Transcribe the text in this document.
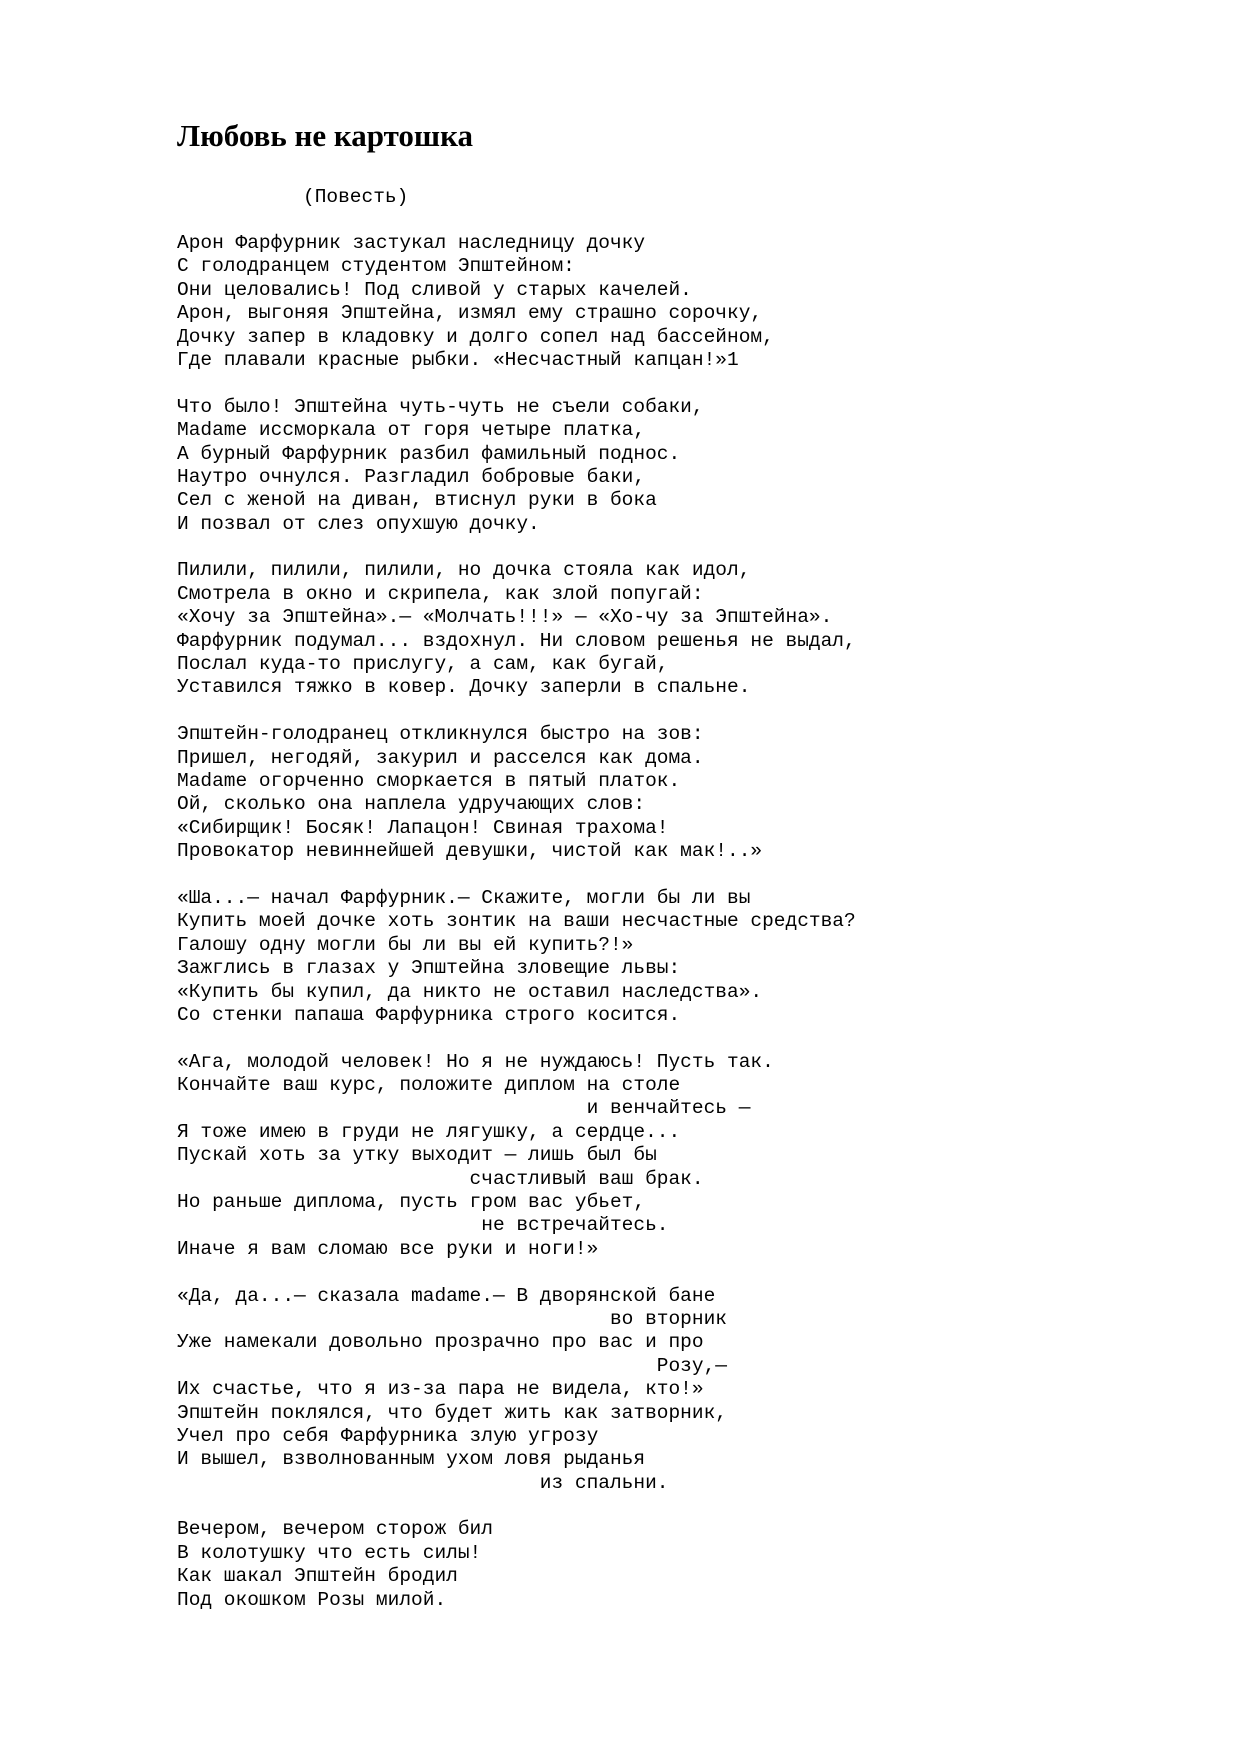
Любовь не картошка
(Повесть)
Арон Фарфурник застукал наследницу дочку
С голодранцем студентом Эпштейном:
Они целовались! Под сливой у старых качелей.
Арон, выгоняя Эпштейна, измял ему страшно сорочку,
Дочку запер в кладовку и долго сопел над бассейном,
Где плавали красные рыбки. «Несчастный капцан!»1
Что было! Эпштейна чуть-чуть не съели собаки,
Madame иссморкала от горя четыре платка,
А бурный Фарфурник разбил фамильный поднос.
Наутро очнулся. Разгладил бобровые баки,
Сел с женой на диван, втиснул руки в бока
И позвал от слез опухшую дочку.
Пилили, пилили, пилили, но дочка стояла как идол,
Смотрела в окно и скрипела, как злой попугай:
«Хочу за Эпштейна».— «Молчать!!!» — «Хо-чу за Эпштейна».
Фарфурник подумал... вздохнул. Ни словом решенья не выдал,
Послал куда-то прислугу, а сам, как бугай,
Уставился тяжко в ковер. Дочку заперли в спальне.
Эпштейн-голодранец откликнулся быстро на зов:
Пришел, негодяй, закурил и расселся как дома.
Madame огорченно сморкается в пятый платок.
Ой, сколько она наплела удручающих слов:
«Сибирщик! Босяк! Лапацон! Свиная трахома!
Провокатор невиннейшей девушки, чистой как мак!..»
«Ша...— начал Фарфурник.— Скажите, могли бы ли вы
Купить моей дочке хоть зонтик на ваши несчастные средства?
Галошу одну могли бы ли вы ей купить?!»
Зажглись в глазах у Эпштейна зловещие львы:
«Купить бы купил, да никто не оставил наследства».
Со стенки папаша Фарфурника строго косится.
«Ага, молодой человек! Но я не нуждаюсь! Пусть так.
Кончайте ваш курс, положите диплом на столе
и венчайтесь —
Я тоже имею в груди не лягушку, а сердце...
Пускай хоть за утку выходит — лишь был бы
счастливый ваш брак.
Но раньше диплома, пусть гром вас убьет,
не встречайтесь.
Иначе я вам сломаю все руки и ноги!»
«Да, да...— сказала madame.— В дворянской бане
во вторник
Уже намекали довольно прозрачно про вас и про
Розу,—
Их счастье, что я из-за пара не видела, кто!»
Эпштейн поклялся, что будет жить как затворник,
Учел про себя Фарфурника злую угрозу
И вышел, взволнованным ухом ловя рыданья
из спальни.
Вечером, вечером сторож бил
В колотушку что есть силы!
Как шакал Эпштейн бродил
Под окошком Розы милой.
